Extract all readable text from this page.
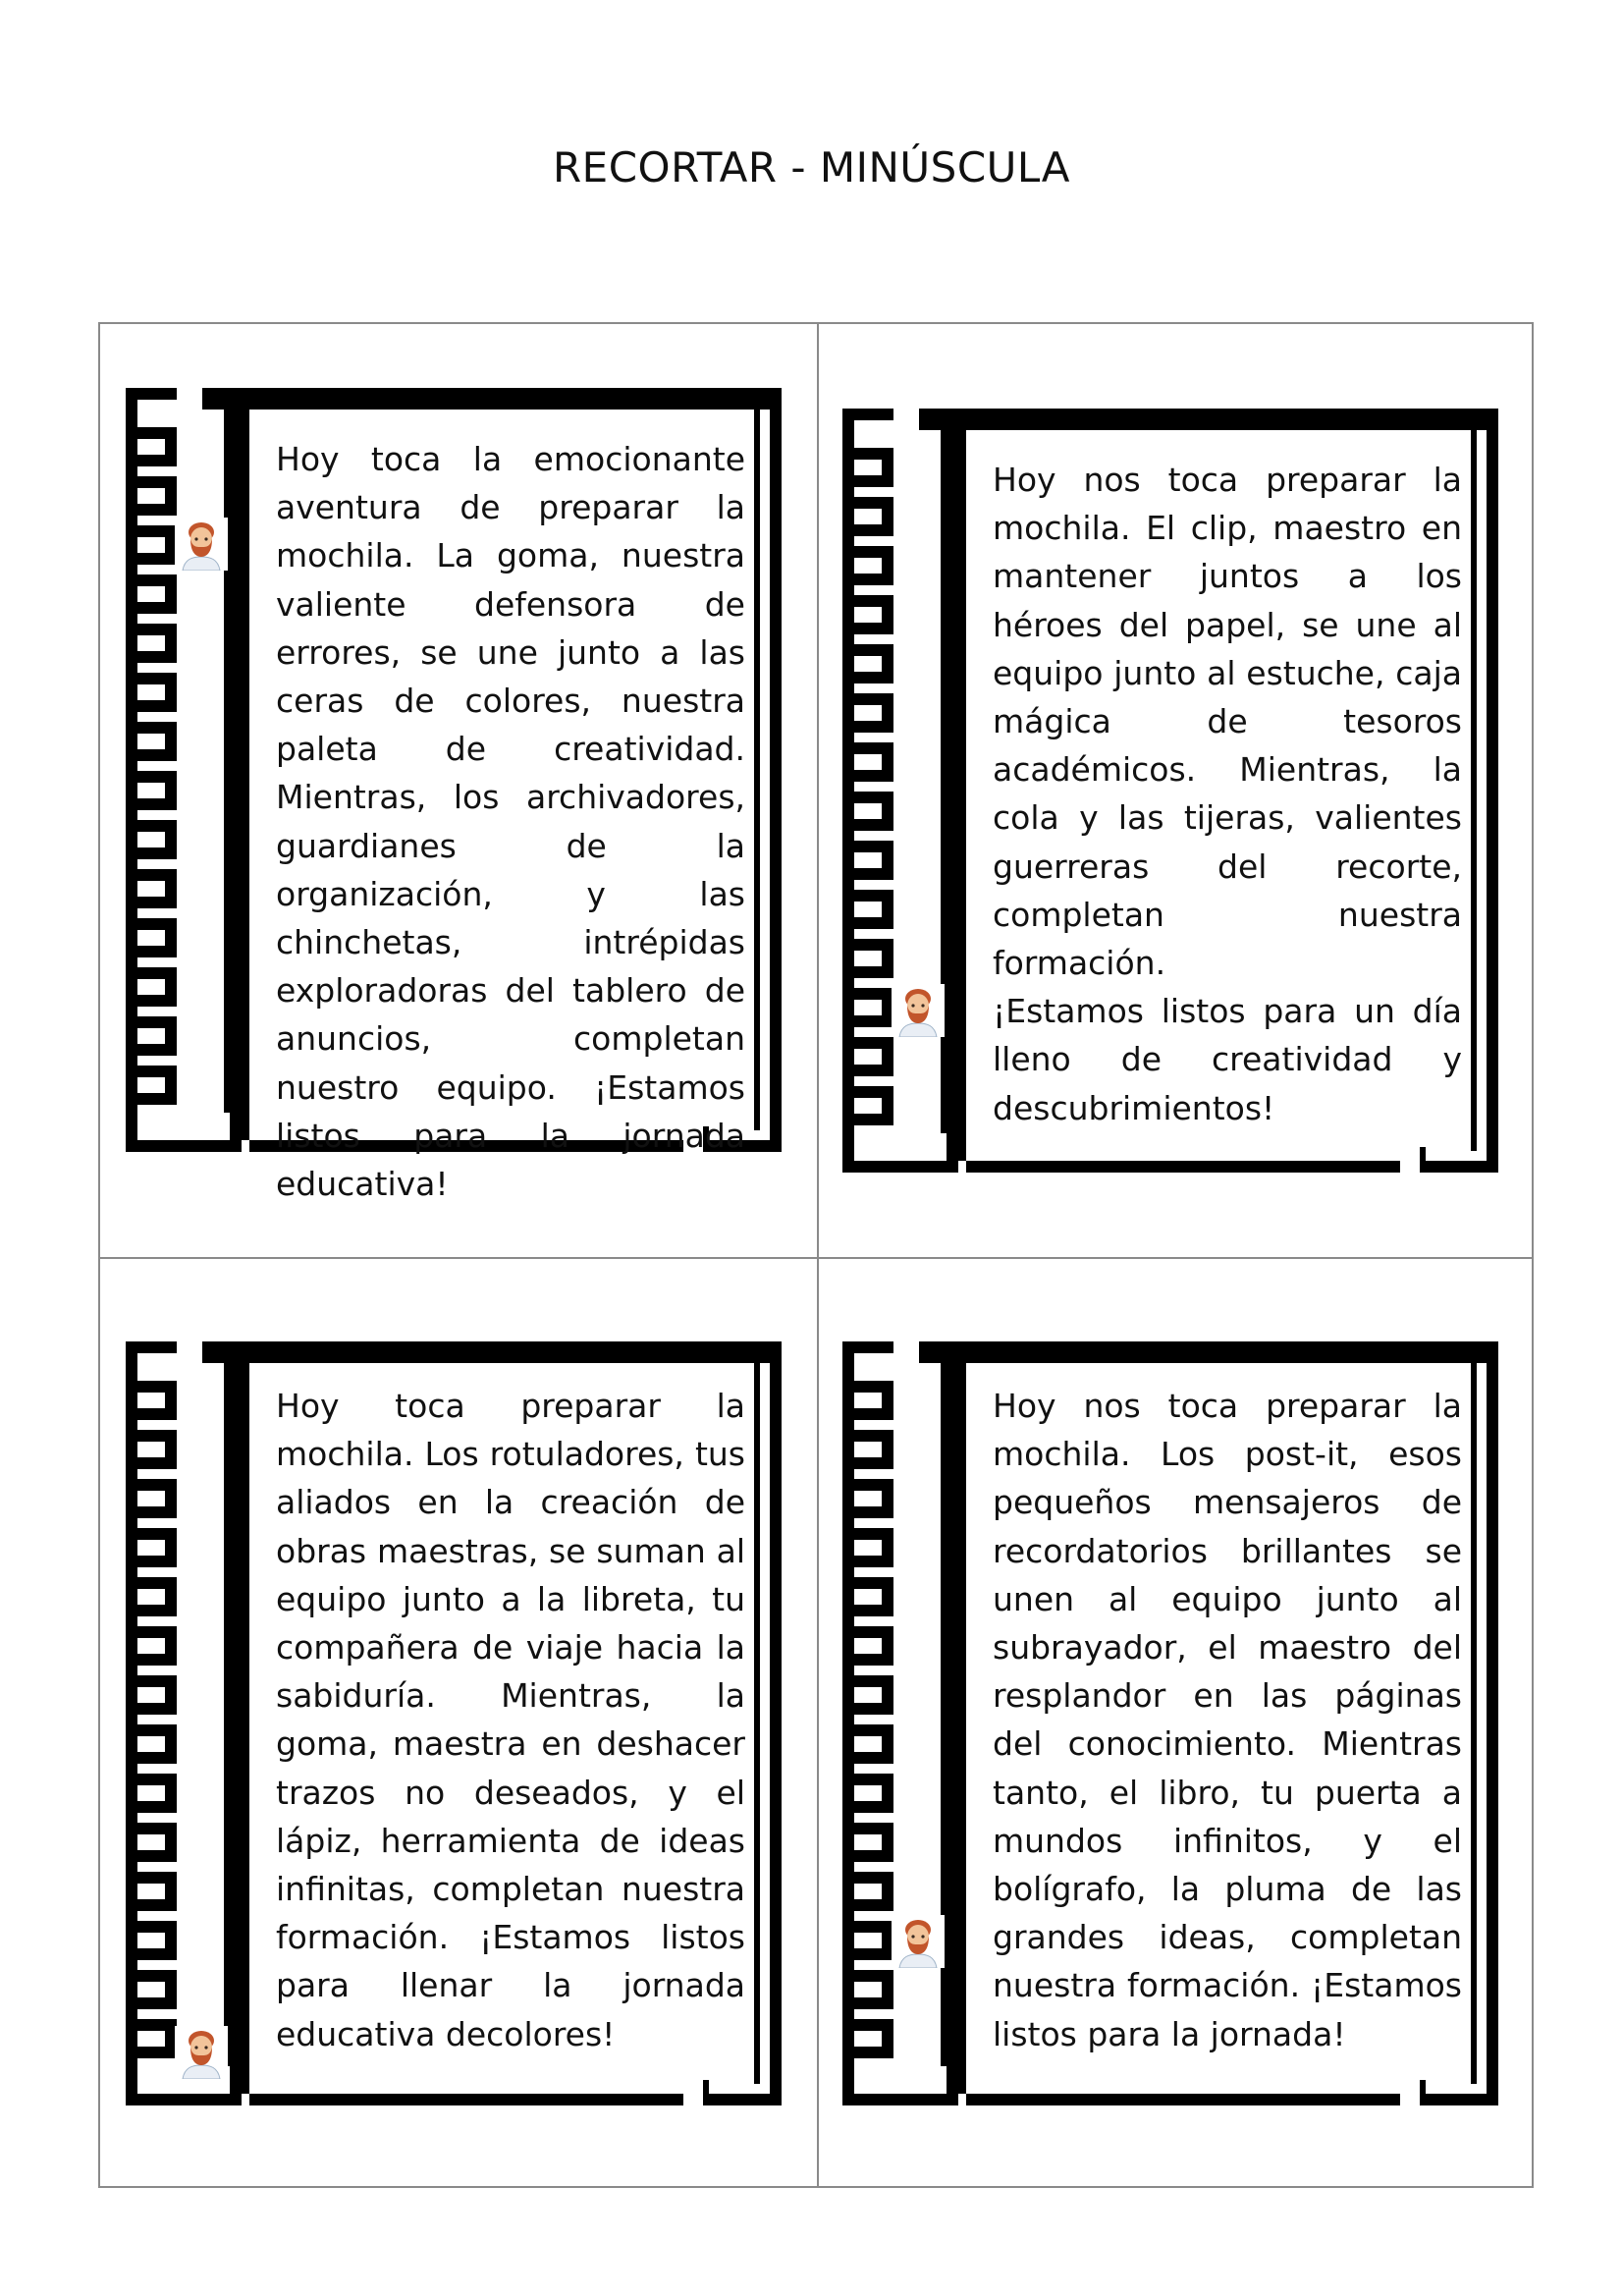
RECORTAR - MINÚSCULA

Hoy toca la emocionante aventura de preparar la mochila. La goma, nuestra valiente defensora de errores, se une junto a las ceras de colores, nuestra paleta de creatividad. Mientras, los archivadores, guardianes de la organización, y las chinchetas, intrépidas exploradoras del tablero de anuncios, completan nuestro equipo. ¡Estamos listos para la jornada educativa!

Hoy nos toca preparar la mochila. El clip, maestro en mantener juntos a los héroes del papel, se une al equipo junto al estuche, caja mágica de tesoros académicos. Mientras, la cola y las tijeras, valientes guerreras del recorte, completan nuestra formación.

¡Estamos listos para un día lleno de creatividad y descubrimientos!

Hoy toca preparar la mochila. Los rotuladores, tus aliados en la creación de obras maestras, se suman al equipo junto a la libreta, tu compañera de viaje hacia la sabiduría. Mientras, la goma, maestra en deshacer trazos no deseados, y el lápiz, herramienta de ideas infinitas, completan nuestra formación. ¡Estamos listos para llenar la jornada educativa decolores!

Hoy nos toca preparar la mochila. Los post-it, esos pequeños mensajeros de recordatorios brillantes se unen al equipo junto al subrayador, el maestro del resplandor en las páginas del conocimiento. Mientras tanto, el libro, tu puerta a mundos infinitos, y el bolígrafo, la pluma de las grandes ideas, completan nuestra formación. ¡Estamos listos para la jornada!
